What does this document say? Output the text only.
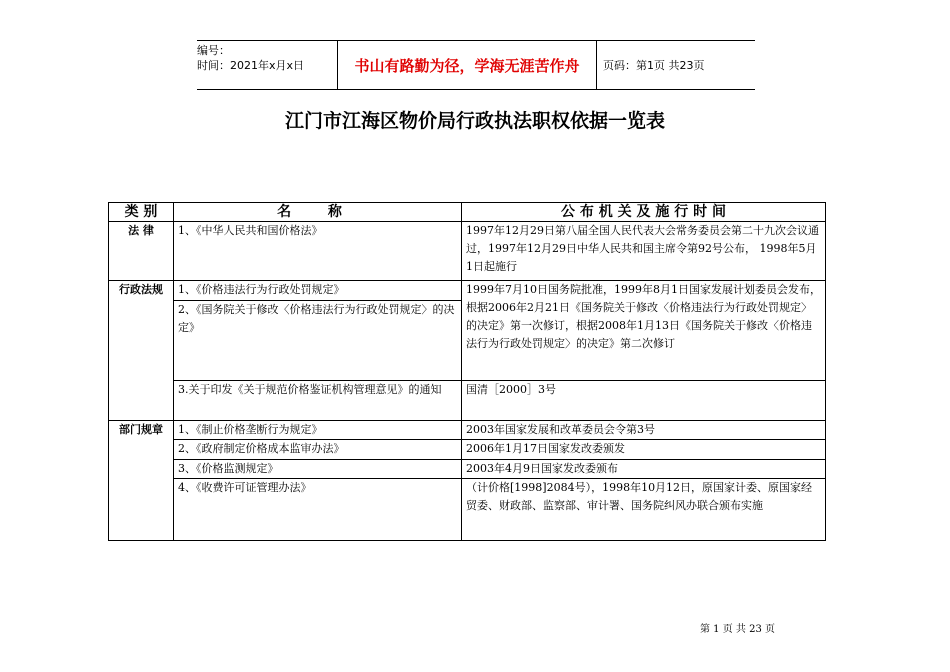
编号：
时间：2021年x月x日	书山有路勤为径，学海无涯苦作舟	页码：第1页 共23页
江门市江海区物价局行政执法职权依据一览表
类 别	名 称	公 布 机 关 及 施 行 时 间
法 律	1、《中华人民共和国价格法》	1997年12月29日第八届全国人民代表大会常务委员会第二十九次会议通过，1997年12月29日中华人民共和国主席令第92号公布， 1998年5月1日起施行
行政法规	1、《价格违法行为行政处罚规定》	1999年7月10日国务院批准，1999年8月1日国家发展计划委员会发布，根据2006年2月21日《国务院关于修改〈价格违法行为行政处罚规定〉的决定》第一次修订，根据2008年1月13日《国务院关于修改〈价格违法行为行政处罚规定〉的决定》第二次修订
	2、《国务院关于修改〈价格违法行为行政处罚规定〉的决定》	
	3.关于印发《关于规范价格鉴证机构管理意见》的通知	国清［2000］3号
部门规章	1、《制止价格垄断行为规定》	2003年国家发展和改革委员会令第3号
	2、《政府制定价格成本监审办法》	2006年1月17日国家发改委颁发
	3、《价格监测规定》	2003年4月9日国家发改委颁布
	4、《收费许可证管理办法》	（计价格[1998]2084号），1998年10月12日，原国家计委、原国家经贸委、财政部、监察部、审计署、国务院纠风办联合颁布实施
第 1 页 共 23 页
